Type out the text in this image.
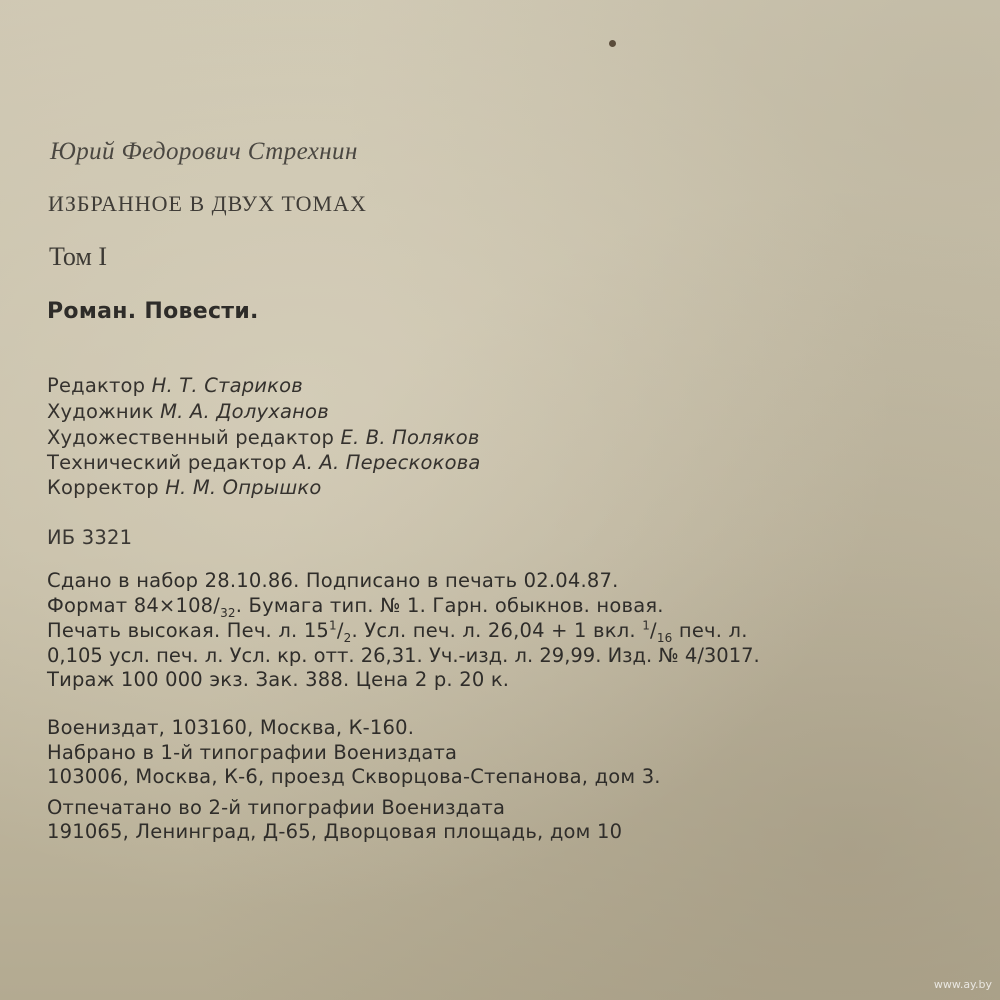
Юрий Федорович Стрехнин
ИЗБРАННОЕ В ДВУХ ТОМАХ
Том I
Роман. Повести.
Редактор Н. Т. Стариков
Художник М. А. Долуханов
Художественный редактор Е. В. Поляков
Технический редактор А. А. Перескокова
Корректор Н. М. Опрышко
ИБ 3321
Сдано в набор 28.10.86. Подписано в печать 02.04.87.
Формат $84\times 108/_{32}$. Бумага тип. № 1. Гарн. обыкнов. новая.
Печать высокая. Печ. л. $15^1/_2$. Усл. печ. л. 26,04 + 1 вкл. $^1/_{16}$ печ. л.
0,105 усл. печ. л. Усл. кр. отт. 26,31. Уч.-изд. л. 29,99. Изд. № 4/3017.
Тираж 100 000 экз. Зак. 388. Цена 2 р. 20 к.
Воениздат, 103160, Москва, К-160.
Набрано в 1-й типографии Воениздата
103006, Москва, К-6, проезд Скворцова-Степанова, дом 3.
Отпечатано во 2-й типографии Воениздата
191065, Ленинград, Д-65, Дворцовая площадь, дом 10
www.ay.by
